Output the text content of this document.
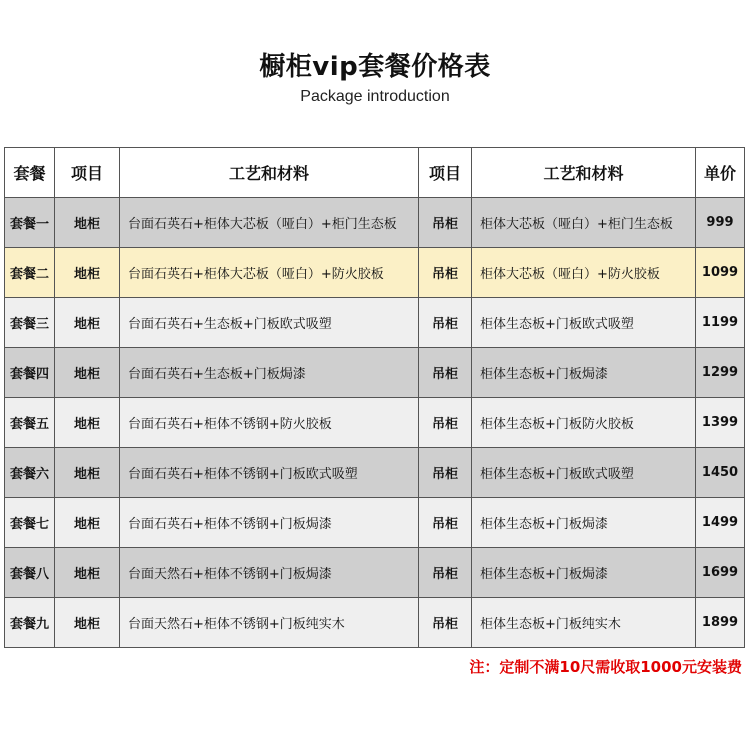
橱柜vip套餐价格表
Package introduction
套餐	项目	工艺和材料	项目	工艺和材料	单价
套餐一	地柜	台面石英石+柜体大芯板（哑白）+柜门生态板	吊柜	柜体大芯板（哑白）+柜门生态板	999
套餐二	地柜	台面石英石+柜体大芯板（哑白）+防火胶板	吊柜	柜体大芯板（哑白）+防火胶板	1099
套餐三	地柜	台面石英石+生态板+门板欧式吸塑	吊柜	柜体生态板+门板欧式吸塑	1199
套餐四	地柜	台面石英石+生态板+门板焗漆	吊柜	柜体生态板+门板焗漆	1299
套餐五	地柜	台面石英石+柜体不锈钢+防火胶板	吊柜	柜体生态板+门板防火胶板	1399
套餐六	地柜	台面石英石+柜体不锈钢+门板欧式吸塑	吊柜	柜体生态板+门板欧式吸塑	1450
套餐七	地柜	台面石英石+柜体不锈钢+门板焗漆	吊柜	柜体生态板+门板焗漆	1499
套餐八	地柜	台面天然石+柜体不锈钢+门板焗漆	吊柜	柜体生态板+门板焗漆	1699
套餐九	地柜	台面天然石+柜体不锈钢+门板纯实木	吊柜	柜体生态板+门板纯实木	1899
注：定制不满10尺需收取1000元安装费
